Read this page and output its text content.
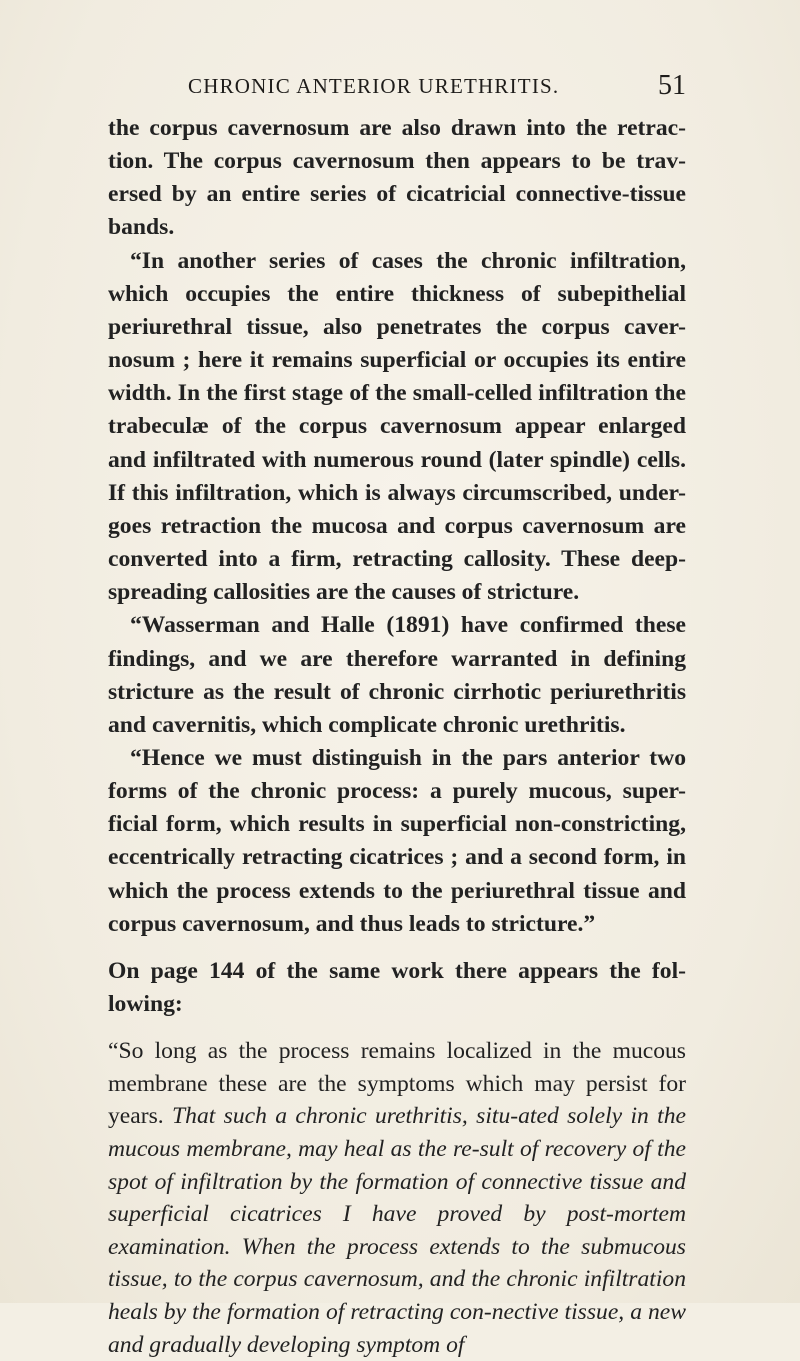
CHRONIC ANTERIOR URETHRITIS.	51

the corpus cavernosum are also drawn into the retrac-tion. The corpus cavernosum then appears to be trav-ersed by an entire series of cicatricial connective-tissue bands.

“In another series of cases the chronic infiltration, which occupies the entire thickness of subepithelial periurethral tissue, also penetrates the corpus caver-nosum ; here it remains superficial or occupies its entire width. In the first stage of the small-celled infiltration the trabeculæ of the corpus cavernosum appear enlarged and infiltrated with numerous round (later spindle) cells. If this infiltration, which is always circumscribed, under-goes retraction the mucosa and corpus cavernosum are converted into a firm, retracting callosity. These deep-spreading callosities are the causes of stricture.

“Wasserman and Halle (1891) have confirmed these findings, and we are therefore warranted in defining stricture as the result of chronic cirrhotic periurethritis and cavernitis, which complicate chronic urethritis.

“Hence we must distinguish in the pars anterior two forms of the chronic process: a purely mucous, super-ficial form, which results in superficial non-constricting, eccentrically retracting cicatrices ; and a second form, in which the process extends to the periurethral tissue and corpus cavernosum, and thus leads to stricture.”

On page 144 of the same work there appears the fol-lowing:

“So long as the process remains localized in the mucous membrane these are the symptoms which may persist for years. That such a chronic urethritis, situ-ated solely in the mucous membrane, may heal as the re-sult of recovery of the spot of infiltration by the formation of connective tissue and superficial cicatrices I have proved by post-mortem examination. When the process extends to the submucous tissue, to the corpus cavernosum, and the chronic infiltration heals by the formation of retracting con-nective tissue, a new and gradually developing symptom of
